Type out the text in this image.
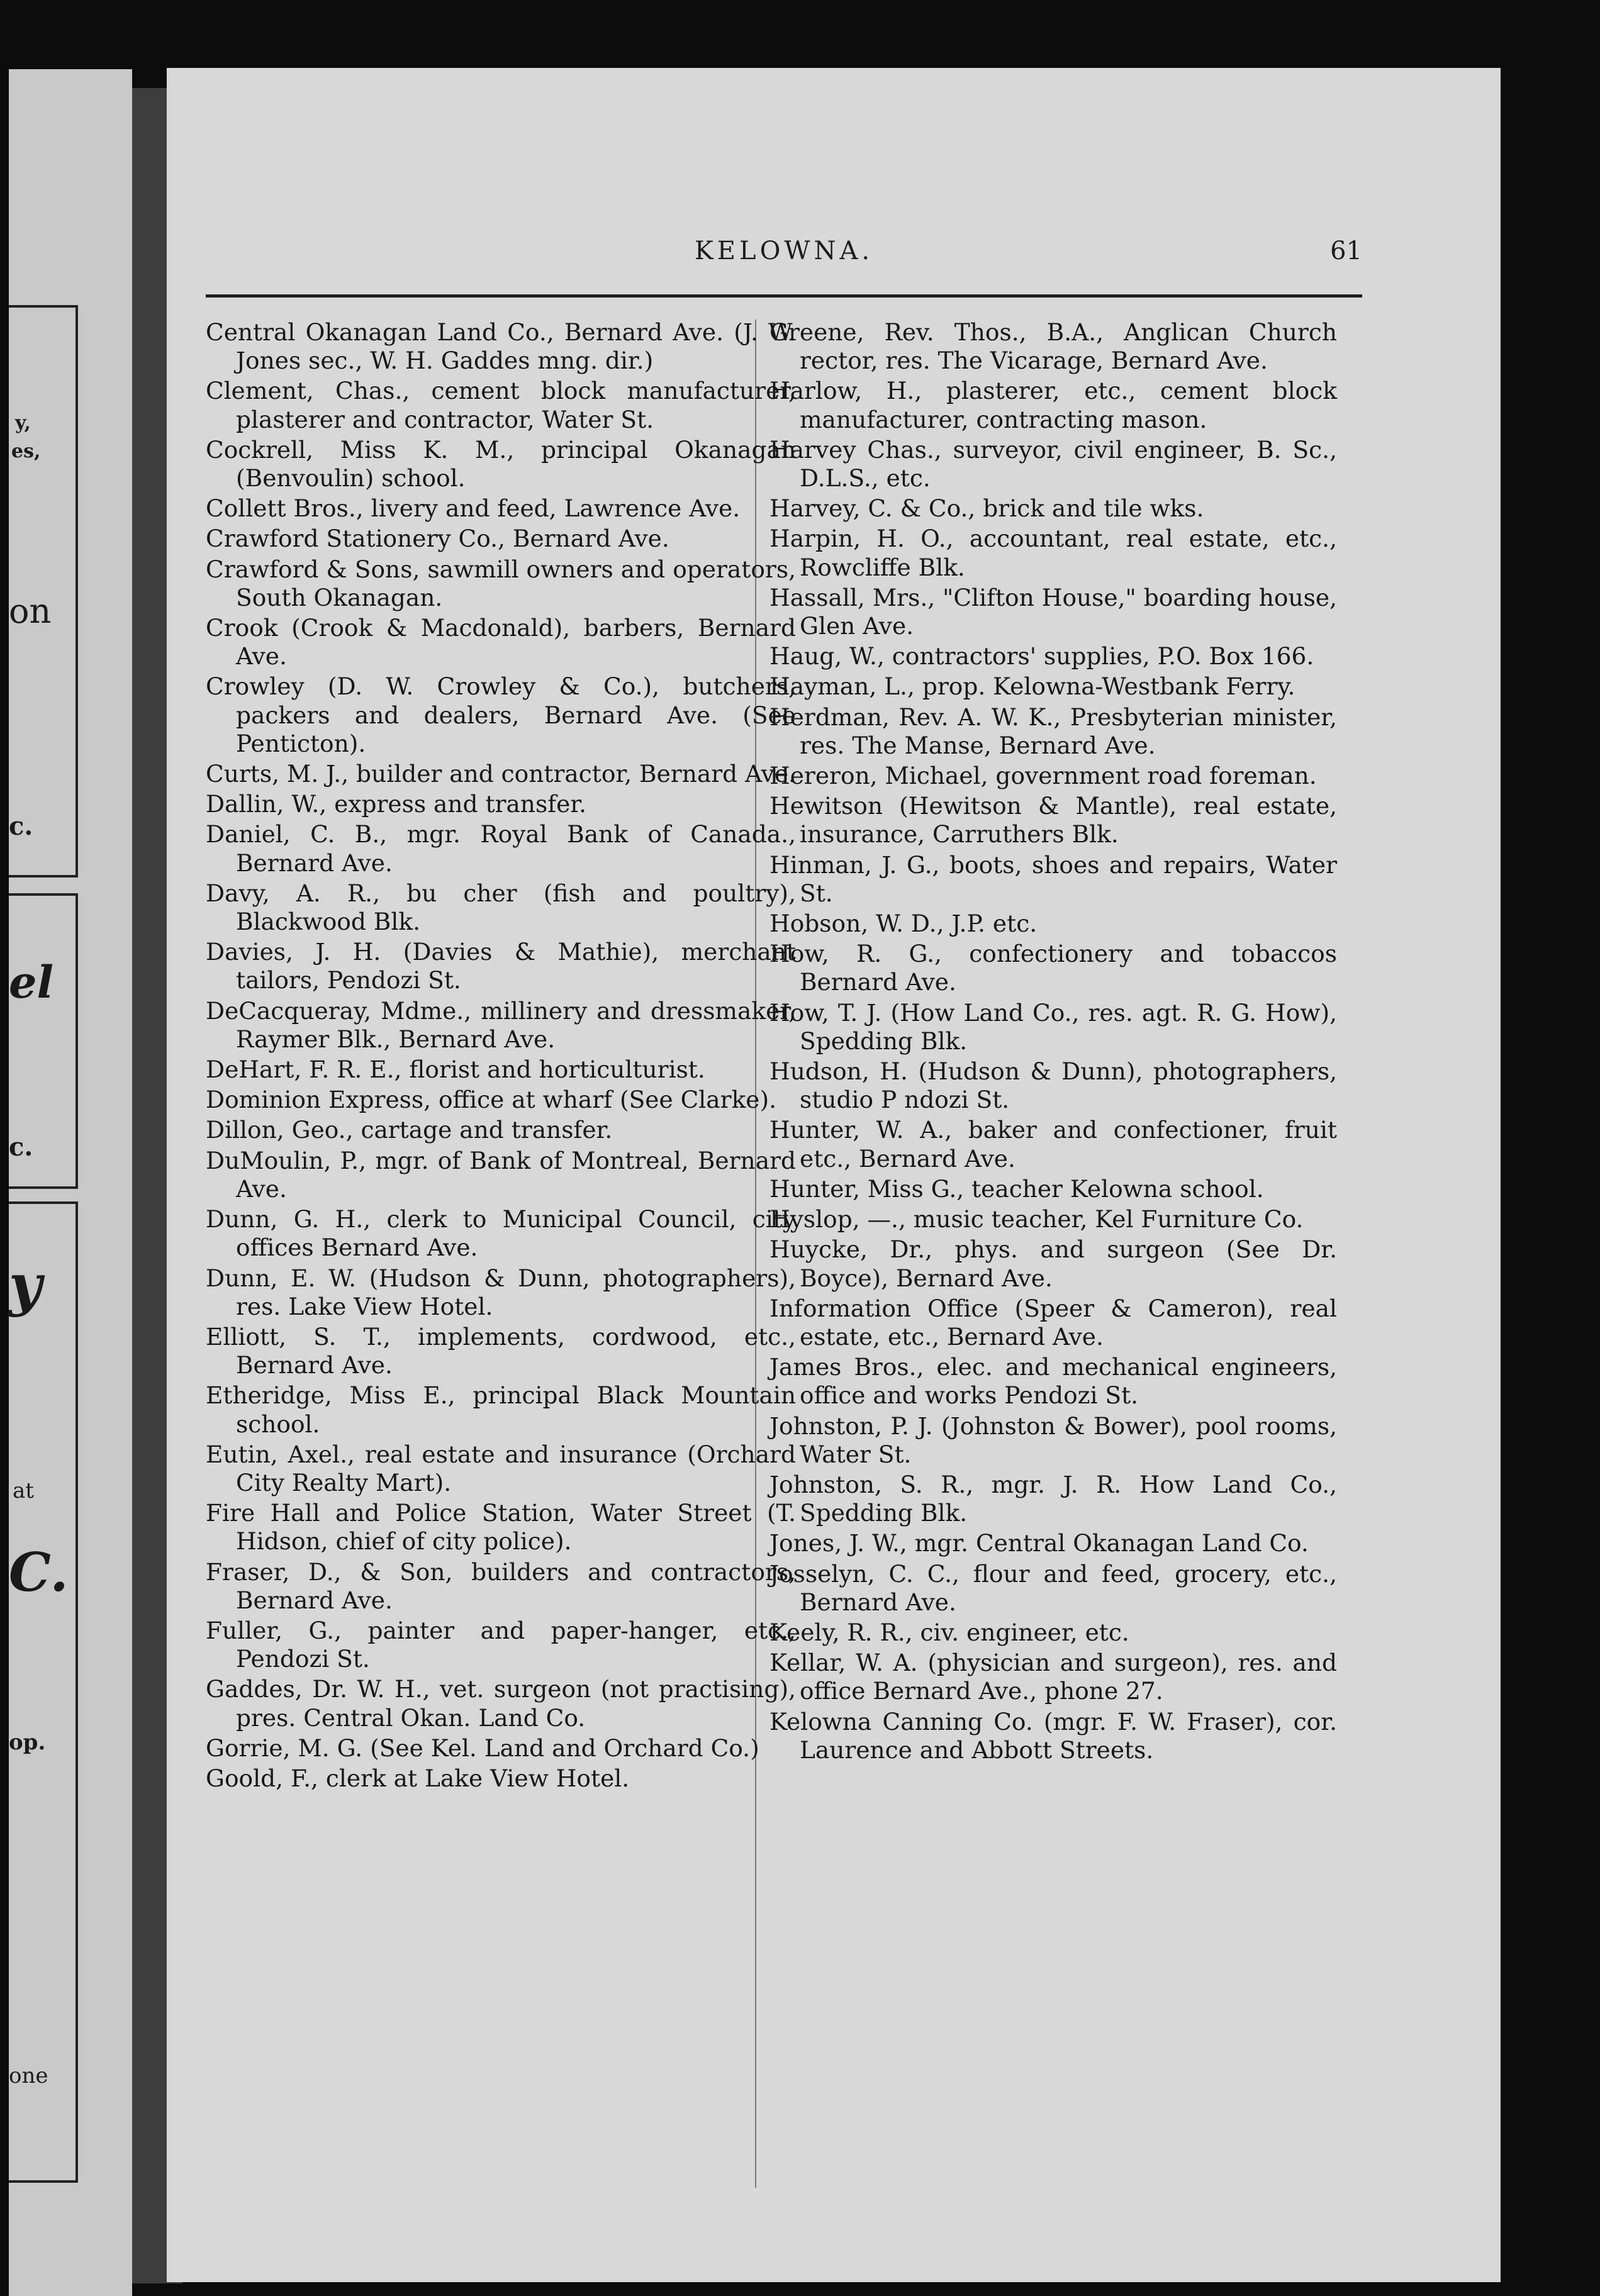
y,
es,
on
c.
el
c.
y
at
C.
op.
one
KELOWNA.	61

Central Okanagan Land Co., Bernard Ave. (J. W. Jones sec., W. H. Gaddes mng. dir.)

Clement, Chas., cement block manufacturer, plasterer and contractor, Water St.

Cockrell, Miss K. M., principal Okanagan (Benvoulin) school.

Collett Bros., livery and feed, Lawrence Ave.

Crawford Stationery Co., Bernard Ave.

Crawford & Sons, sawmill owners and operators, South Okanagan.

Crook (Crook & Macdonald), barbers, Bernard Ave.

Crowley (D. W. Crowley & Co.), butchers, packers and dealers, Bernard Ave. (See Penticton).

Curts, M. J., builder and contractor, Bernard Ave.

Dallin, W., express and transfer.

Daniel, C. B., mgr. Royal Bank of Canada., Bernard Ave.

Davy, A. R., bu cher (fish and poultry), Blackwood Blk.

Davies, J. H. (Davies & Mathie), merchant tailors, Pendozi St.

DeCacqueray, Mdme., millinery and dressmaker, Raymer Blk., Bernard Ave.

DeHart, F. R. E., florist and horticulturist.

Dominion Express, office at wharf (See Clarke).

Dillon, Geo., cartage and transfer.

DuMoulin, P., mgr. of Bank of Montreal, Bernard Ave.

Dunn, G. H., clerk to Municipal Council, city offices Bernard Ave.

Dunn, E. W. (Hudson & Dunn, photographers), res. Lake View Hotel.

Elliott, S. T., implements, cordwood, etc., Bernard Ave.

Etheridge, Miss E., principal Black Mountain school.

Eutin, Axel., real estate and insurance (Orchard City Realty Mart).

Fire Hall and Police Station, Water Street (T. Hidson, chief of city police).

Fraser, D., & Son, builders and contractors, Bernard Ave.

Fuller, G., painter and paper-hanger, etc., Pendozi St.

Gaddes, Dr. W. H., vet. surgeon (not practising), pres. Central Okan. Land Co.

Gorrie, M. G. (See Kel. Land and Orchard Co.)

Goold, F., clerk at Lake View Hotel.

Greene, Rev. Thos., B.A., Anglican Church rector, res. The Vicarage, Bernard Ave.

Harlow, H., plasterer, etc., cement block manufacturer, contracting mason.

Harvey Chas., surveyor, civil engineer, B. Sc., D.L.S., etc.

Harvey, C. & Co., brick and tile wks.

Harpin, H. O., accountant, real estate, etc., Rowcliffe Blk.

Hassall, Mrs., "Clifton House," boarding house, Glen Ave.

Haug, W., contractors' supplies, P.O. Box 166.

Hayman, L., prop. Kelowna-Westbank Ferry.

Herdman, Rev. A. W. K., Presbyterian minister, res. The Manse, Bernard Ave.

Hereron, Michael, government road foreman.

Hewitson (Hewitson & Mantle), real estate, insurance, Carruthers Blk.

Hinman, J. G., boots, shoes and repairs, Water St.

Hobson, W. D., J.P. etc.

How, R. G., confectionery and tobaccos Bernard Ave.

How, T. J. (How Land Co., res. agt. R. G. How), Spedding Blk.

Hudson, H. (Hudson & Dunn), photographers, studio P ndozi St.

Hunter, W. A., baker and confectioner, fruit etc., Bernard Ave.

Hunter, Miss G., teacher Kelowna school.

Hyslop, —., music teacher, Kel Furniture Co.

Huycke, Dr., phys. and surgeon (See Dr. Boyce), Bernard Ave.

Information Office (Speer & Cameron), real estate, etc., Bernard Ave.

James Bros., elec. and mechanical engineers, office and works Pendozi St.

Johnston, P. J. (Johnston & Bower), pool rooms, Water St.

Johnston, S. R., mgr. J. R. How Land Co., Spedding Blk.

Jones, J. W., mgr. Central Okanagan Land Co.

Josselyn, C. C., flour and feed, grocery, etc., Bernard Ave.

Keely, R. R., civ. engineer, etc.

Kellar, W. A. (physician and surgeon), res. and office Bernard Ave., phone 27.

Kelowna Canning Co. (mgr. F. W. Fraser), cor. Laurence and Abbott Streets.
